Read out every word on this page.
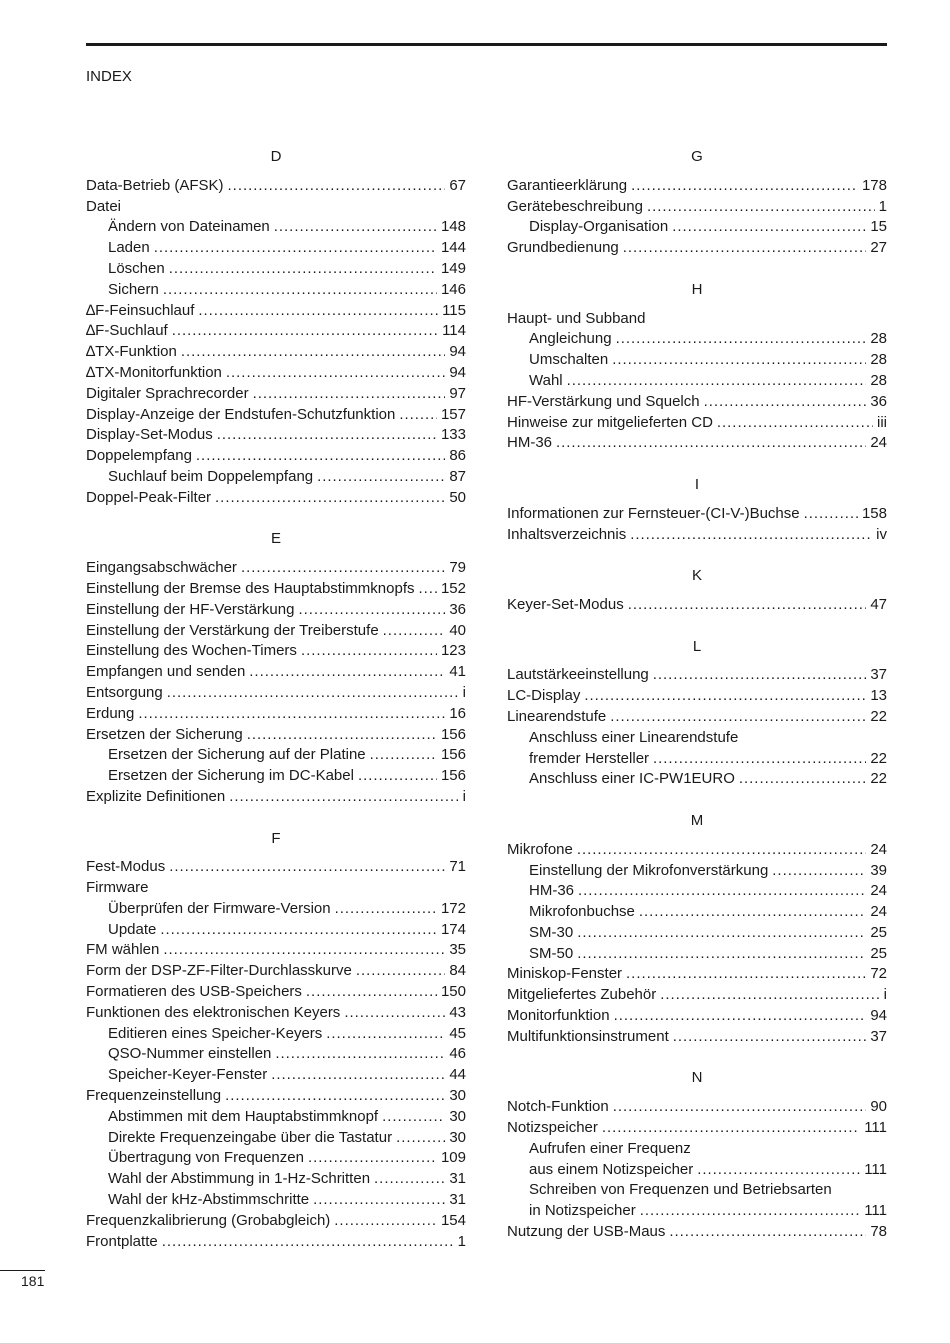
INDEX
D
Data-Betrieb (AFSK) . . .	67
Datei
Ändern von Dateinamen . . .	148
Laden . . .	144
Löschen . . .	149
Sichern . . .	146
∆F-Feinsuchlauf . . .	115
∆F-Suchlauf . . .	114
∆TX-Funktion . . .	94
∆TX-Monitorfunktion . . .	94
Digitaler Sprachrecorder . . .	97
Display-Anzeige der Endstufen-Schutzfunktion . . .	157
Display-Set-Modus . . .	133
Doppelempfang . . .	86
Suchlauf beim Doppelempfang . . .	87
Doppel-Peak-Filter . . .	50
E
Eingangsabschwächer . . .	79
Einstellung der Bremse des Hauptabstimmknopfs . . . 152
Einstellung der HF-Verstärkung . . .	36
Einstellung der Verstärkung der Treiberstufe . . .	40
Einstellung des Wochen-Timers . . .	123
Empfangen und senden . . .	41
Entsorgung . . .	i
Erdung . . .	16
Ersetzen der Sicherung . . .	156
Ersetzen der Sicherung auf der Platine . . .	156
Ersetzen der Sicherung im DC-Kabel . . .	156
Explizite Definitionen . . .	i
F
Fest-Modus . . .	71
Firmware
Überprüfen der Firmware-Version . . .	172
Update . . .	174
FM wählen . . .	35
Form der DSP-ZF-Filter-Durchlasskurve . . .	84
Formatieren des USB-Speichers . . .	150
Funktionen des elektronischen Keyers . . .	43
Editieren eines Speicher-Keyers . . .	45
QSO-Nummer einstellen . . .	46
Speicher-Keyer-Fenster . . .	44
Frequenzeinstellung . . .	30
Abstimmen mit dem Hauptabstimmknopf . . .	30
Direkte Frequenzeingabe über die Tastatur . . .	30
Übertragung von Frequenzen . . .	109
Wahl der Abstimmung in 1-Hz-Schritten . . .	31
Wahl der kHz-Abstimmschritte . . .	31
Frequenzkalibrierung (Grobabgleich) . . .	154
Frontplatte . . .	1
G
Garantieerklärung . . .	178
Gerätebeschreibung . . .	1
Display-Organisation . . .	15
Grundbedienung . . .	27
H
Haupt- und Subband
Angleichung . . .	28
Umschalten . . .	28
Wahl . . .	28
HF-Verstärkung und Squelch . . .	36
Hinweise zur mitgelieferten CD . . .	iii
HM-36 . . .	24
I
Informationen zur Fernsteuer-(CI-V-)Buchse . . .	158
Inhaltsverzeichnis . . .	iv
K
Keyer-Set-Modus . . .	47
L
Lautstärkeeinstellung . . .	37
LC-Display . . .	13
Linearendstufe . . .	22
Anschluss einer Linearendstufe
fremder Hersteller . . .	22
Anschluss einer IC-PW1EURO . . .	22
M
Mikrofone . . .	24
Einstellung der Mikrofonverstärkung . . .	39
HM-36 . . .	24
Mikrofonbuchse . . .	24
SM-30 . . .	25
SM-50 . . .	25
Miniskop-Fenster . . .	72
Mitgeliefertes Zubehör . . .	i
Monitorfunktion . . .	94
Multifunktionsinstrument . . .	37
N
Notch-Funktion . . .	90
Notizspeicher . . .	111
Aufrufen einer Frequenz
aus einem Notizspeicher . . .	111
Schreiben von Frequenzen und Betriebsarten
in Notizspeicher . . .	111
Nutzung der USB-Maus . . .	78
181
